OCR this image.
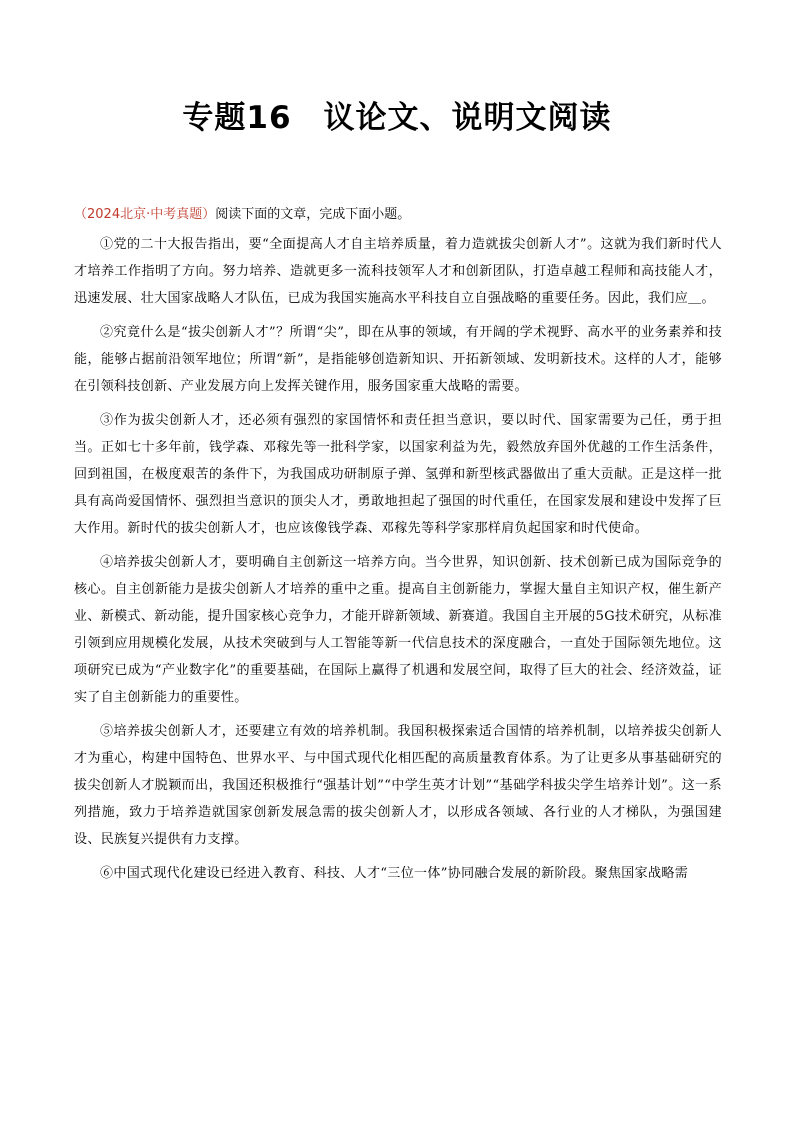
专题16　议论文、说明文阅读
（2024北京·中考真题）阅读下面的文章，完成下面小题。

①党的二十大报告指出，要“全面提高人才自主培养质量，着力造就拔尖创新人才”。这就为我们新时代人才培养工作指明了方向。努力培养、造就更多一流科技领军人才和创新团队，打造卓越工程师和高技能人才，迅速发展、壮大国家战略人才队伍，已成为我国实施高水平科技自立自强战略的重要任务。因此，我们应＿。

②究竟什么是“拔尖创新人才”？所谓“尖”，即在从事的领域，有开阔的学术视野、高水平的业务素养和技能，能够占据前沿领军地位；所谓“新”，是指能够创造新知识、开拓新领域、发明新技术。这样的人才，能够在引领科技创新、产业发展方向上发挥关键作用，服务国家重大战略的需要。

③作为拔尖创新人才，还必须有强烈的家国情怀和责任担当意识，要以时代、国家需要为己任，勇于担当。正如七十多年前，钱学森、邓稼先等一批科学家，以国家利益为先，毅然放弃国外优越的工作生活条件，回到祖国，在极度艰苦的条件下，为我国成功研制原子弹、氢弹和新型核武器做出了重大贡献。正是这样一批具有高尚爱国情怀、强烈担当意识的顶尖人才，勇敢地担起了强国的时代重任，在国家发展和建设中发挥了巨大作用。新时代的拔尖创新人才，也应该像钱学森、邓稼先等科学家那样肩负起国家和时代使命。

④培养拔尖创新人才，要明确自主创新这一培养方向。当今世界，知识创新、技术创新已成为国际竞争的核心。自主创新能力是拔尖创新人才培养的重中之重。提高自主创新能力，掌握大量自主知识产权，催生新产业、新模式、新动能，提升国家核心竞争力，才能开辟新领域、新赛道。我国自主开展的5G技术研究，从标准引领到应用规模化发展，从技术突破到与人工智能等新一代信息技术的深度融合，一直处于国际领先地位。这项研究已成为“产业数字化”的重要基础，在国际上赢得了机遇和发展空间，取得了巨大的社会、经济效益，证实了自主创新能力的重要性。

⑤培养拔尖创新人才，还要建立有效的培养机制。我国积极探索适合国情的培养机制，以培养拔尖创新人才为重心，构建中国特色、世界水平、与中国式现代化相匹配的高质量教育体系。为了让更多从事基础研究的拔尖创新人才脱颖而出，我国还积极推行“强基计划”“中学生英才计划”“基础学科拔尖学生培养计划”。这一系列措施，致力于培养造就国家创新发展急需的拔尖创新人才，以形成各领域、各行业的人才梯队，为强国建设、民族复兴提供有力支撑。

⑥中国式现代化建设已经进入教育、科技、人才“三位一体”协同融合发展的新阶段。聚焦国家战略需
